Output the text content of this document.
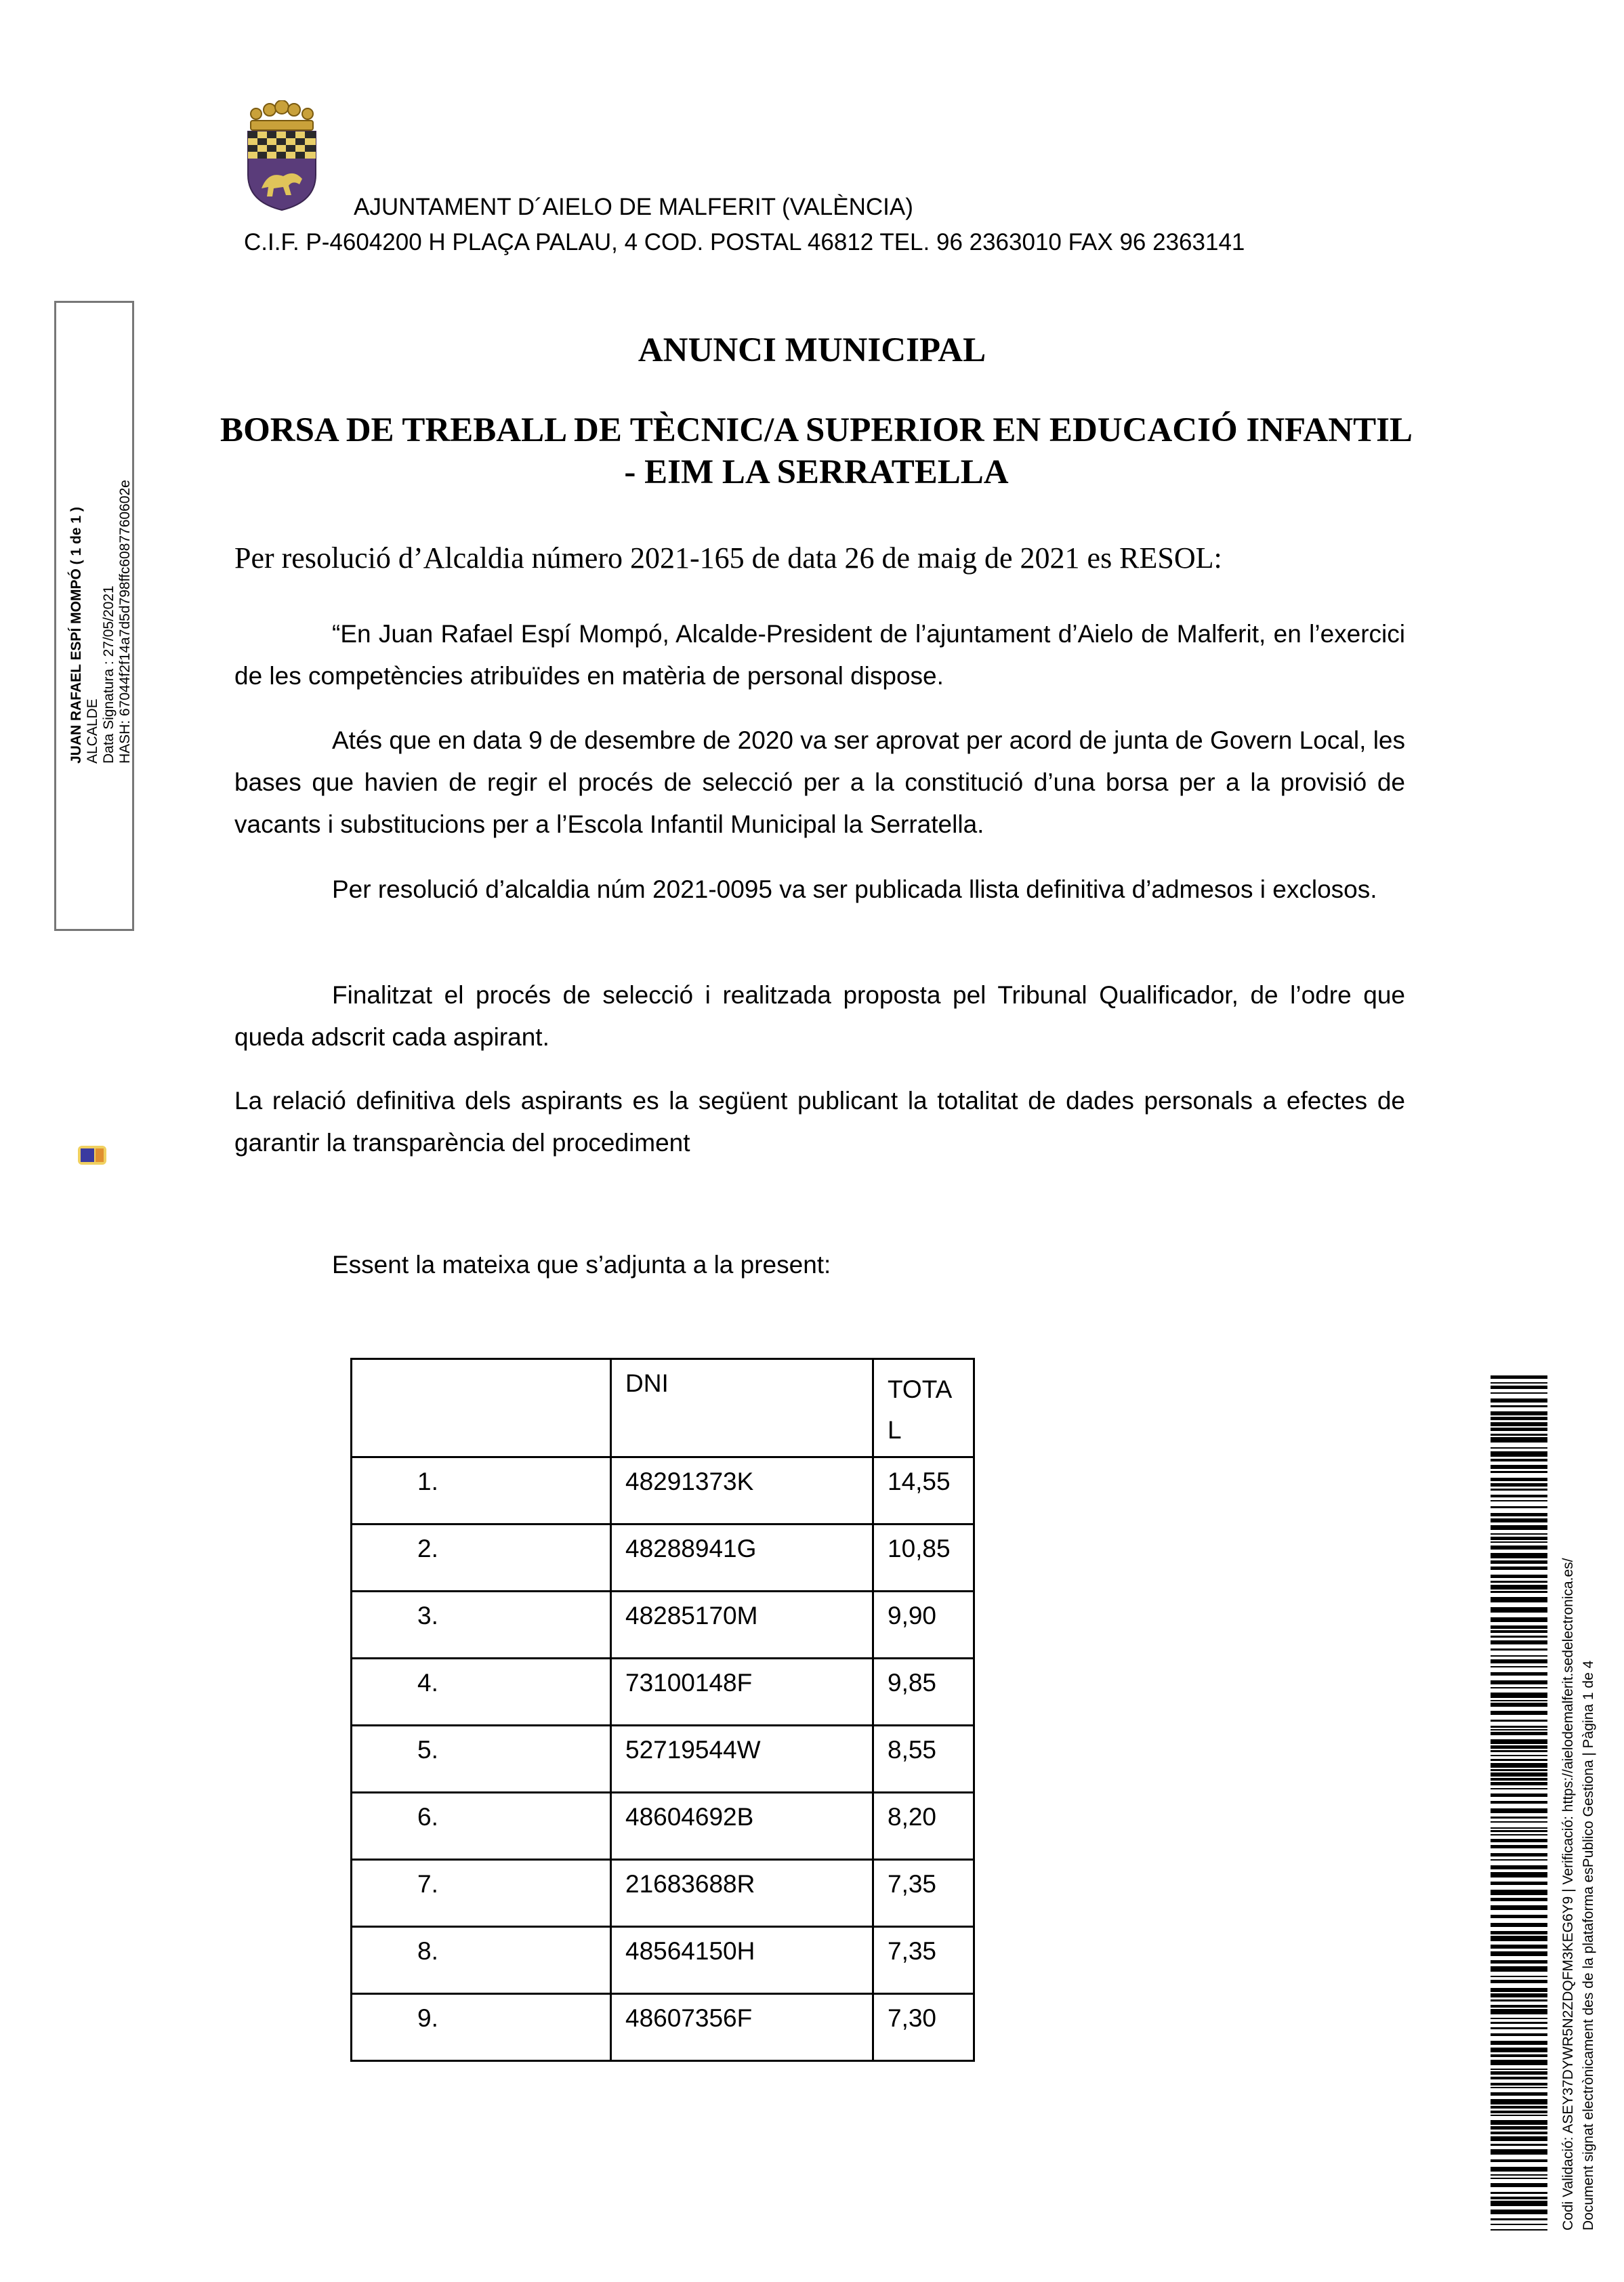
AJUNTAMENT D´AIELO DE MALFERIT (VALÈNCIA)
C.I.F. P-4604200 H PLAÇA PALAU, 4 COD. POSTAL 46812 TEL. 96 2363010 FAX 96 2363141
JUAN RAFAEL ESPÍ MOMPÓ ( 1 de 1 ) ALCALDE Data Signatura : 27/05/2021 HASH: 67044f2f14a7d5d798ffc6087760602e
ANUNCI MUNICIPAL
BORSA DE TREBALL DE TÈCNIC/A SUPERIOR EN EDUCACIÓ INFANTIL - EIM LA SERRATELLA
Per resolució d’Alcaldia número 2021-165 de data 26 de maig de 2021 es RESOL:
“En Juan Rafael Espí Mompó, Alcalde-President de l’ajuntament d’Aielo de Malferit, en l’exercici de les competències atribuïdes en matèria de personal dispose.
Atés que en data 9 de desembre de 2020 va ser aprovat per acord de junta de Govern Local, les bases que havien de regir el procés de selecció per a la constitució d’una borsa per a la provisió de vacants i substitucions per a l’Escola Infantil Municipal la Serratella.
Per resolució d’alcaldia núm 2021-0095 va ser publicada llista definitiva d’admesos i exclosos.
Finalitzat el procés de selecció i realitzada proposta pel Tribunal Qualificador, de l’odre que queda adscrit cada aspirant.
La relació definitiva dels aspirants es la següent publicant la totalitat de dades personals a efectes de garantir la transparència del procediment
Essent la mateixa que s’adjunta a la present:
	DNI	TOTAL
1.	48291373K	14,55
2.	48288941G	10,85
3.	48285170M	9,90
4.	73100148F	9,85
5.	52719544W	8,55
6.	48604692B	8,20
7.	21683688R	7,35
8.	48564150H	7,35
9.	48607356F	7,30	Codi Validació: ASEY37DYWR5N2ZDQFM3KEG6Y9 | Verificació: https://aielodemalferit.sedelectronica.es/ Document signat electrònicament des de la plataforma esPublico Gestiona | Pàgina 1 de 4
